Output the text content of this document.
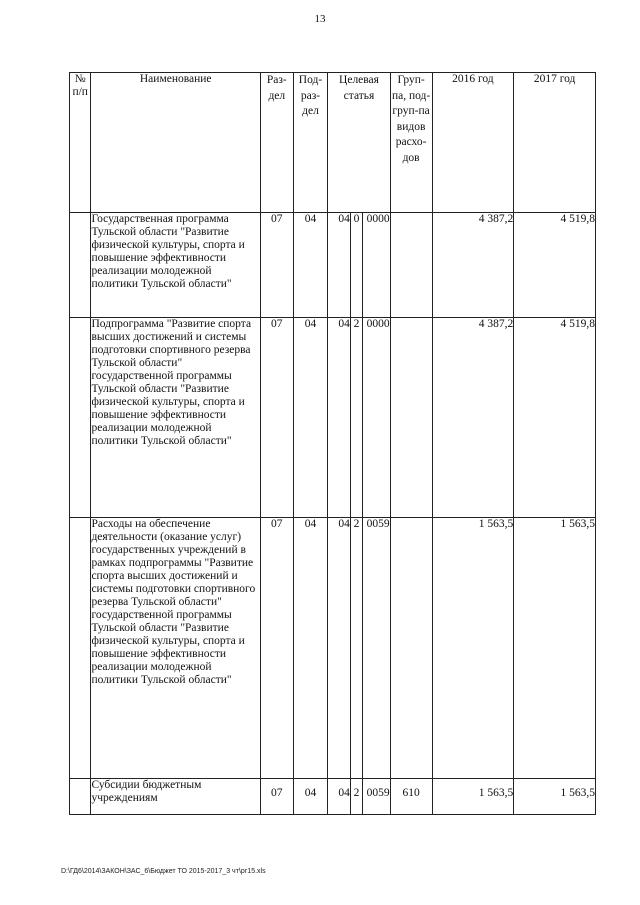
13
№ п/п	Наименование	Раз-дел	Под-раз-дел	Целевая статья			Груп-па, под-груп-па видов расхо-дов	2016 год	2017 год
	Государственная программа Тульской области "Развитие физической культуры, спорта и повышение эффективности реализации молодежной политики Тульской области"	07	04	04	0	0000		4 387,2	4 519,8
	Подпрограмма "Развитие спорта высших достижений и системы подготовки спортивного резерва Тульской области" государственной программы Тульской области "Развитие физической культуры, спорта и повышение эффективности реализации молодежной политики Тульской области"	07	04	04	2	0000		4 387,2	4 519,8
	Расходы на обеспечение деятельности (оказание услуг) государственных учреждений в рамках подпрограммы "Развитие спорта высших достижений и системы подготовки спортивного резерва Тульской области" государственной программы Тульской области "Развитие физической культуры, спорта и повышение эффективности реализации молодежной политики Тульской области"	07	04	04	2	0059		1 563,5	1 563,5
	Субсидии бюджетным учреждениям	07	04	04	2	0059	610	1 563,5	1 563,5
D:\ГД6\2014\ЗАКОН\ЗАС_6\Бюджет ТО 2015-2017_3 чт\рг15.xls
